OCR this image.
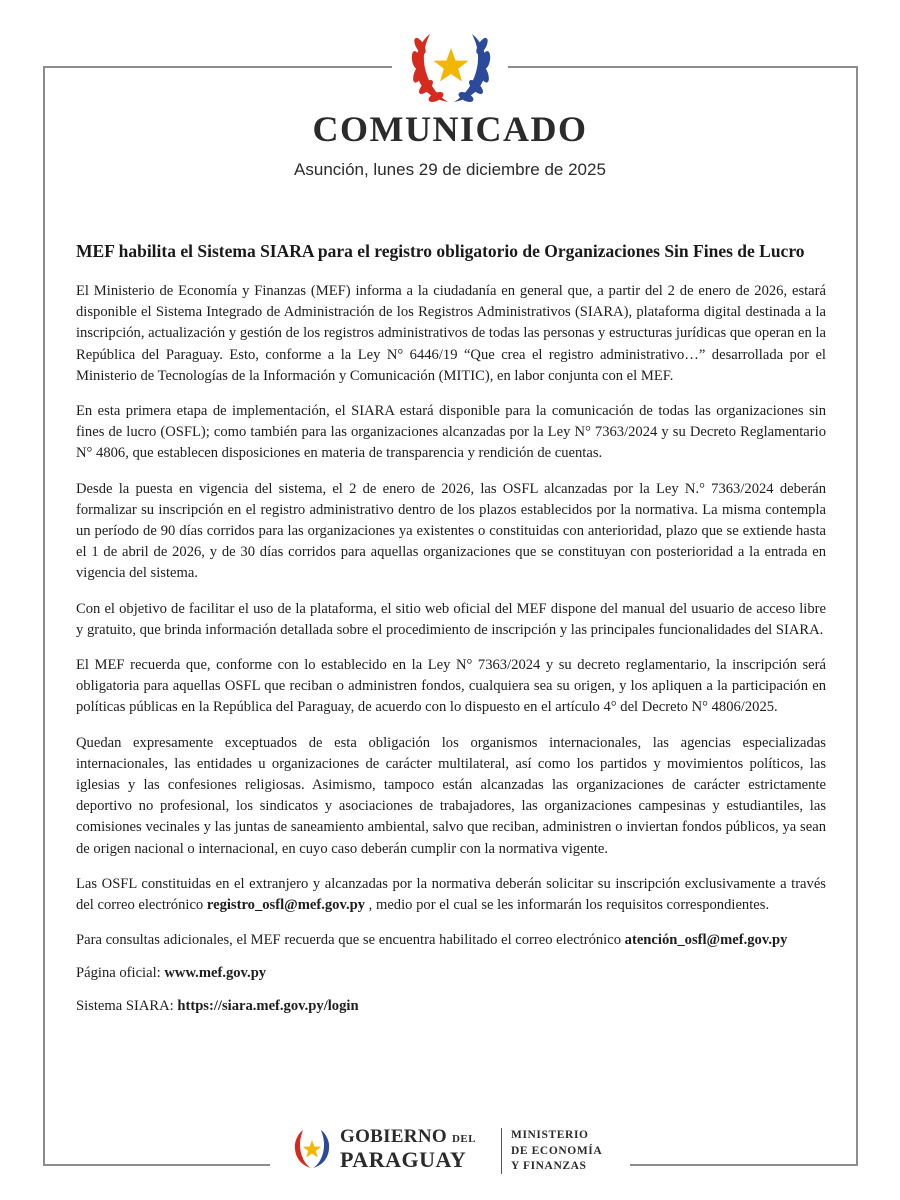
COMUNICADO
Asunción, lunes 29 de diciembre de 2025

MEF habilita el Sistema SIARA para el registro obligatorio de Organizaciones Sin Fines de Lucro

El Ministerio de Economía y Finanzas (MEF) informa a la ciudadanía en general que, a partir del 2 de enero de 2026, estará disponible el Sistema Integrado de Administración de los Registros Administrativos (SIARA), plataforma digital destinada a la inscripción, actualización y gestión de los registros administrativos de todas las personas y estructuras jurídicas que operan en la República del Paraguay. Esto, conforme a la Ley N° 6446/19 “Que crea el registro administrativo…” desarrollada por el Ministerio de Tecnologías de la Información y Comunicación (MITIC), en labor conjunta con el MEF.

En esta primera etapa de implementación, el SIARA estará disponible para la comunicación de todas las organizaciones sin fines de lucro (OSFL); como también para las organizaciones alcanzadas por la Ley N° 7363/2024 y su Decreto Reglamentario N° 4806, que establecen disposiciones en materia de transparencia y rendición de cuentas.

Desde la puesta en vigencia del sistema, el 2 de enero de 2026, las OSFL alcanzadas por la Ley N.° 7363/2024 deberán formalizar su inscripción en el registro administrativo dentro de los plazos establecidos por la normativa. La misma contempla un período de 90 días corridos para las organizaciones ya existentes o constituidas con anterioridad, plazo que se extiende hasta el 1 de abril de 2026, y de 30 días corridos para aquellas organizaciones que se constituyan con posterioridad a la entrada en vigencia del sistema.

Con el objetivo de facilitar el uso de la plataforma, el sitio web oficial del MEF dispone del manual del usuario de acceso libre y gratuito, que brinda información detallada sobre el procedimiento de inscripción y las principales funcionalidades del SIARA.

El MEF recuerda que, conforme con lo establecido en la Ley N° 7363/2024 y su decreto reglamentario, la inscripción será obligatoria para aquellas OSFL que reciban o administren fondos, cualquiera sea su origen, y los apliquen a la participación en políticas públicas en la República del Paraguay, de acuerdo con lo dispuesto en el artículo 4° del Decreto N° 4806/2025.

Quedan expresamente exceptuados de esta obligación los organismos internacionales, las agencias especializadas internacionales, las entidades u organizaciones de carácter multilateral, así como los partidos y movimientos políticos, las iglesias y las confesiones religiosas. Asimismo, tampoco están alcanzadas las organizaciones de carácter estrictamente deportivo no profesional, los sindicatos y asociaciones de trabajadores, las organizaciones campesinas y estudiantiles, las comisiones vecinales y las juntas de saneamiento ambiental, salvo que reciban, administren o inviertan fondos públicos, ya sean de origen nacional o internacional, en cuyo caso deberán cumplir con la normativa vigente.

Las OSFL constituidas en el extranjero y alcanzadas por la normativa deberán solicitar su inscripción exclusivamente a través del correo electrónico registro_osfl@mef.gov.py , medio por el cual se les informarán los requisitos correspondientes.

Para consultas adicionales, el MEF recuerda que se encuentra habilitado el correo electrónico atención_osfl@mef.gov.py

Página oficial: www.mef.gov.py

Sistema SIARA: https://siara.mef.gov.py/login

GOBIERNO DEL
PARAGUAY
MINISTERIO
DE ECONOMÍA
Y FINANZAS
